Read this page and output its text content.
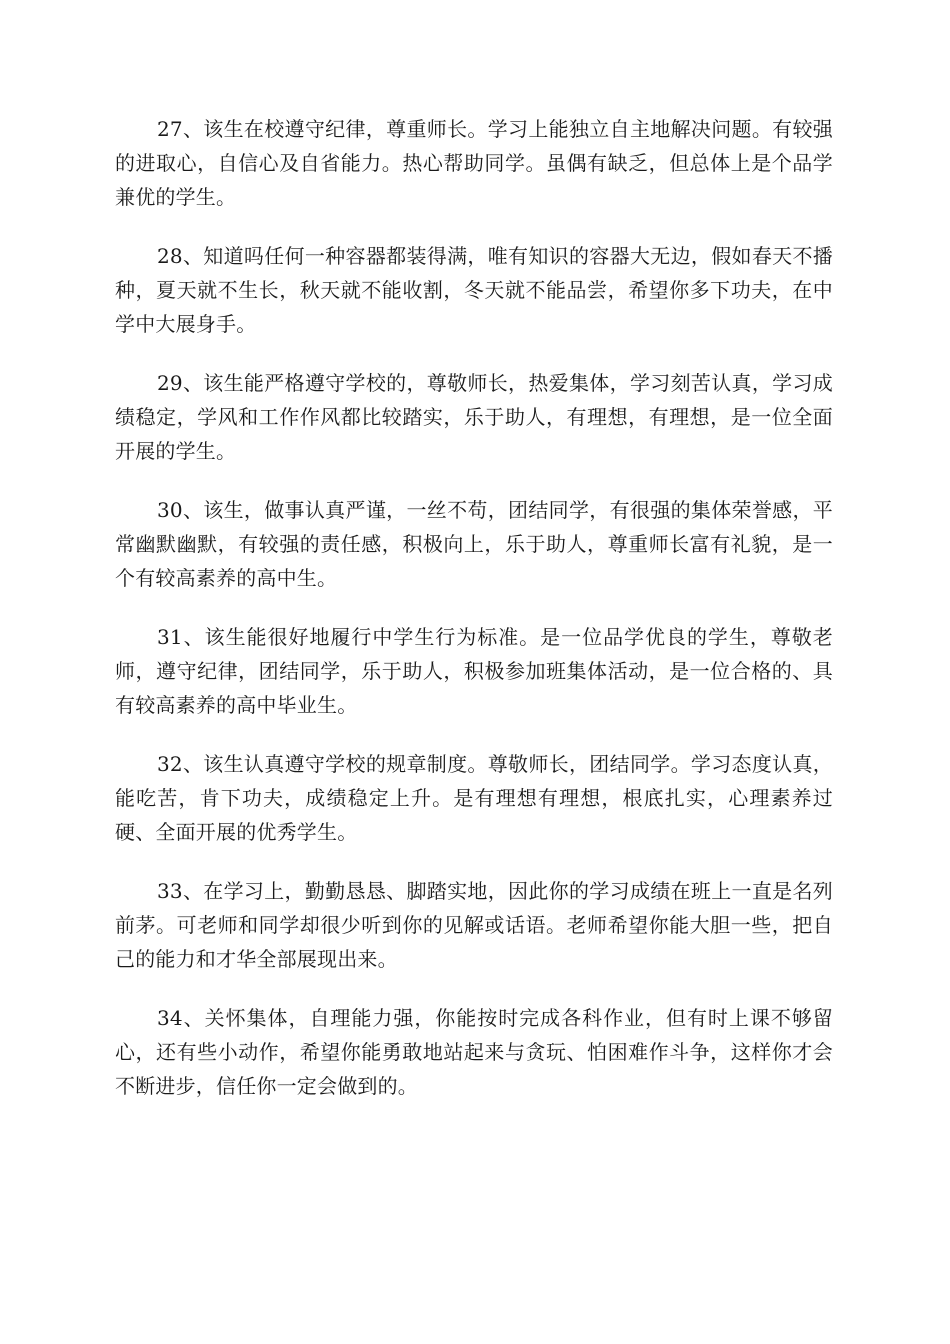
27、该生在校遵守纪律，尊重师长。学习上能独立自主地解决问题。有较强的进取心，自信心及自省能力。热心帮助同学。虽偶有缺乏，但总体上是个品学兼优的学生。

28、知道吗任何一种容器都装得满，唯有知识的容器大无边，假如春天不播种，夏天就不生长，秋天就不能收割，冬天就不能品尝，希望你多下功夫，在中学中大展身手。

29、该生能严格遵守学校的，尊敬师长，热爱集体，学习刻苦认真，学习成绩稳定，学风和工作作风都比较踏实，乐于助人，有理想，有理想，是一位全面开展的学生。

30、该生，做事认真严谨，一丝不苟，团结同学，有很强的集体荣誉感，平常幽默幽默，有较强的责任感，积极向上，乐于助人，尊重师长富有礼貌，是一个有较高素养的高中生。

31、该生能很好地履行中学生行为标准。是一位品学优良的学生，尊敬老师，遵守纪律，团结同学，乐于助人，积极参加班集体活动，是一位合格的、具有较高素养的高中毕业生。

32、该生认真遵守学校的规章制度。尊敬师长，团结同学。学习态度认真，能吃苦，肯下功夫，成绩稳定上升。是有理想有理想，根底扎实，心理素养过硬、全面开展的优秀学生。

33、在学习上，勤勤恳恳、脚踏实地，因此你的学习成绩在班上一直是名列前茅。可老师和同学却很少听到你的见解或话语。老师希望你能大胆一些，把自己的能力和才华全部展现出来。

34、关怀集体，自理能力强，你能按时完成各科作业，但有时上课不够留心，还有些小动作，希望你能勇敢地站起来与贪玩、怕困难作斗争，这样你才会不断进步，信任你一定会做到的。
